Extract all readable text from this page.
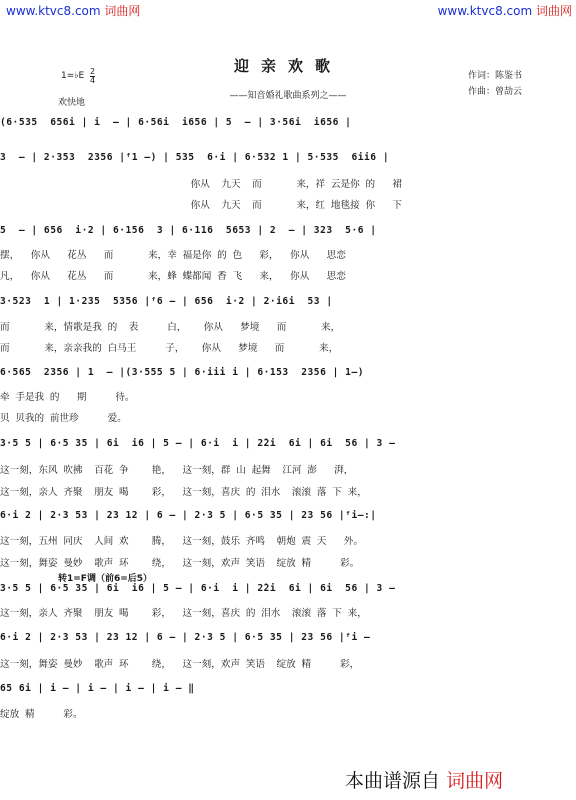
www.ktvc8.com 词曲网	www.ktvc8.com 词曲网
迎亲欢歌
——知音婚礼歌曲系列之——
作词：陈鉴书
作曲：曾劼云
1=♭E 2
4
欢快地
(6·535  656i | i  — | 6·56i  i656 | 5  — | 3·56i  i656 |
3  — | 2·353  2356 |ᶠ1 —) | 535  6·i | 6·532 1 | 5·535  6ii6 |
你从  九天  而      来，祥 云是你 的   裙
你从  九天  而      来，红 地毯接 你   下
5  — | 656  i·2 | 6·156  3 | 6·116  5653 | 2  — | 323  5·6 |
摆，  你从   花丛   而      来，幸 福是你 的 色   彩，  你从   思恋
凡，  你从   花丛   而      来，蜂 蝶都闻 香 飞   来，  你从   思恋
3·523  1 | 1·235  5356 |ᶠ6 — | 656  i·2 | 2·i6i  53 |
而      来，情歌是我 的  表     白，   你从   梦境   而      来，
而      来，亲亲我的 白马王     子，   你从   梦境   而      来，
6·565  2356 | 1  — |(3·555 5 | 6·iii i | 6·153  2356 | 1—)
牵 手是我 的   期     待。
贝 贝我的 前世珍     爱。
3·5 5 | 6·5 35 | 6i  i6 | 5 — | 6·i  i | 2̇2i  6i | 6i  56 | 3 —
这一刻，东风 吹拂  百花 争    艳，  这一刻，群 山 起舞  江河 澎   湃，
这一刻，亲人 齐聚  朋友 喝    彩，  这一刻，喜庆 的 泪水  滚滚 落 下 来，
6·i 2 | 2·3 53 | 23 12 | 6 — | 2·3 5 | 6·5 35 | 23 56 |ᶠi—:|
这一刻，五州 同庆  人间 欢    腾，  这一刻，鼓乐 齐鸣  朝炮 震 天   外。
这一刻，舞姿 曼妙  歌声 环    绕，  这一刻，欢声 笑语  绽放 精     彩。
转1=F调（前6=后5）
3·5 5 | 6·5 35 | 6i  i6 | 5 — | 6·i  i | 2̇2i  6i | 6i  56 | 3 —
这一刻，亲人 齐聚  朋友 喝    彩，  这一刻，喜庆 的 泪水  滚滚 落 下 来，
6·i 2 | 2·3 53 | 23 12 | 6 — | 2·3 5 | 6·5 35 | 23 56 |ᶠi —
这一刻，舞姿 曼妙  歌声 环    绕，  这一刻，欢声 笑语  绽放 精     彩，
65 6i | i — | i — | i — | i — ‖
绽放 精     彩。
本曲谱源自 词曲网
